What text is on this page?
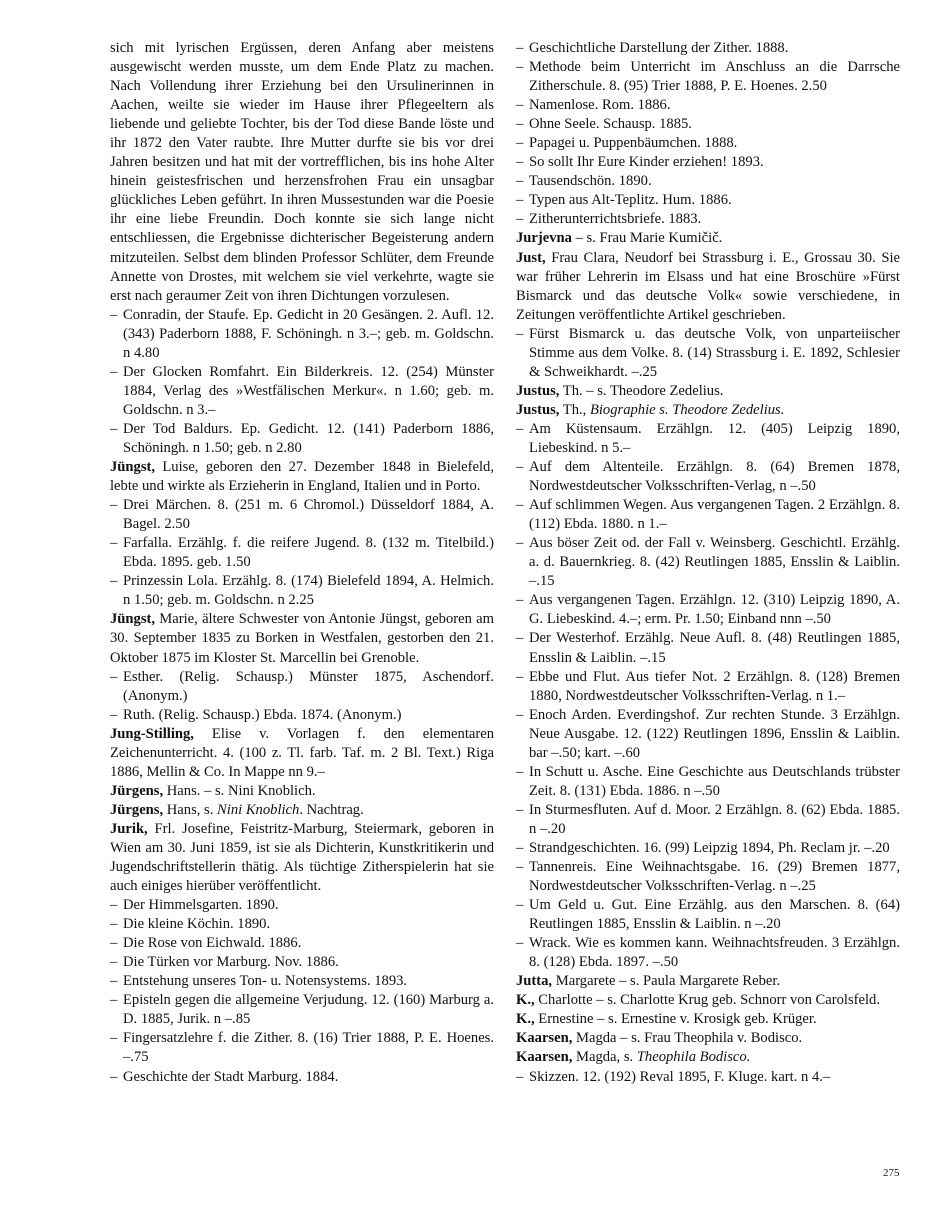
sich mit lyrischen Ergüssen, deren Anfang aber meistens ausgewischt werden musste, um dem Ende Platz zu machen. Nach Vollendung ihrer Erziehung bei den Ursulinerinnen in Aachen, weilte sie wieder im Hause ihrer Pflegeeltern als liebende und geliebte Tochter, bis der Tod diese Bande löste und ihr 1872 den Vater raubte. Ihre Mutter durfte sie bis vor drei Jahren besitzen und hat mit der vortrefflichen, bis ins hohe Alter hinein geistesfrischen und herzensfrohen Frau ein unsagbar glückliches Leben geführt. In ihren Mussestunden war die Poesie ihr eine liebe Freundin. Doch konnte sie sich lange nicht entschliessen, die Ergebnisse dichterischer Begeisterung andern mitzuteilen. Selbst dem blinden Professor Schlüter, dem Freunde Annette von Drostes, mit welchem sie viel verkehrte, wagte sie erst nach geraumer Zeit von ihren Dichtungen vorzulesen.
– Conradin, der Staufe. Ep. Gedicht in 20 Gesängen. 2. Aufl. 12. (343) Paderborn 1888, F. Schöningh. n 3.–; geb. m. Goldschn. n 4.80
– Der Glocken Romfahrt. Ein Bilderkreis. 12. (254) Münster 1884, Verlag des »Westfälischen Merkur«. n 1.60; geb. m. Goldschn. n 3.–
– Der Tod Baldurs. Ep. Gedicht. 12. (141) Paderborn 1886, Schöningh. n 1.50; geb. n 2.80
Jüngst, Luise, geboren den 27. Dezember 1848 in Bielefeld, lebte und wirkte als Erzieherin in England, Italien und in Porto.
– Drei Märchen. 8. (251 m. 6 Chromol.) Düsseldorf 1884, A. Bagel. 2.50
– Farfalla. Erzählg. f. die reifere Jugend. 8. (132 m. Titelbild.) Ebda. 1895. geb. 1.50
– Prinzessin Lola. Erzählg. 8. (174) Bielefeld 1894, A. Helmich. n 1.50; geb. m. Goldschn. n 2.25
Jüngst, Marie, ältere Schwester von Antonie Jüngst, geboren am 30. September 1835 zu Borken in Westfalen, gestorben den 21. Oktober 1875 im Kloster St. Marcellin bei Grenoble.
– Esther. (Relig. Schausp.) Münster 1875, Aschendorf. (Anonym.)
– Ruth. (Relig. Schausp.) Ebda. 1874. (Anonym.)
Jung-Stilling, Elise v. Vorlagen f. den elementaren Zeichenunterricht. 4. (100 z. Tl. farb. Taf. m. 2 Bl. Text.) Riga 1886, Mellin & Co. In Mappe nn 9.–
Jürgens, Hans. – s. Nini Knoblich.
Jürgens, Hans, s. Nini Knoblich. Nachtrag.
Jurik, Frl. Josefine, Feistritz-Marburg, Steiermark, geboren in Wien am 30. Juni 1859, ist sie als Dichterin, Kunstkritikerin und Jugendschriftstellerin thätig. Als tüchtige Zitherspielerin hat sie auch einiges hierüber veröffentlicht.
– Der Himmelsgarten. 1890.
– Die kleine Köchin. 1890.
– Die Rose von Eichwald. 1886.
– Die Türken vor Marburg. Nov. 1886.
– Entstehung unseres Ton- u. Notensystems. 1893.
– Episteln gegen die allgemeine Verjudung. 12. (160) Marburg a. D. 1885, Jurik. n –.85
– Fingersatzlehre f. die Zither. 8. (16) Trier 1888, P. E. Hoenes. –.75
– Geschichte der Stadt Marburg. 1884.
– Geschichtliche Darstellung der Zither. 1888.
– Methode beim Unterricht im Anschluss an die Darrsche Zitherschule. 8. (95) Trier 1888, P. E. Hoenes. 2.50
– Namenlose. Rom. 1886.
– Ohne Seele. Schausp. 1885.
– Papagei u. Puppenbäumchen. 1888.
– So sollt Ihr Eure Kinder erziehen! 1893.
– Tausendschön. 1890.
– Typen aus Alt-Teplitz. Hum. 1886.
– Zitherunterrichtsbriefe. 1883.
Jurjevna – s. Frau Marie Kumičič.
Just, Frau Clara, Neudorf bei Strassburg i. E., Grossau 30. Sie war früher Lehrerin im Elsass und hat eine Broschüre »Fürst Bismarck und das deutsche Volk« sowie verschiedene, in Zeitungen veröffentlichte Artikel geschrieben.
– Fürst Bismarck u. das deutsche Volk, von unparteiischer Stimme aus dem Volke. 8. (14) Strassburg i. E. 1892, Schlesier & Schweikhardt. –.25
Justus, Th. – s. Theodore Zedelius.
Justus, Th., Biographie s. Theodore Zedelius.
– Am Küstensaum. Erzählgn. 12. (405) Leipzig 1890, Liebeskind. n 5.–
– Auf dem Altenteile. Erzählgn. 8. (64) Bremen 1878, Nordwestdeutscher Volksschriften-Verlag, n –.50
– Auf schlimmen Wegen. Aus vergangenen Tagen. 2 Erzählgn. 8. (112) Ebda. 1880. n 1.–
– Aus böser Zeit od. der Fall v. Weinsberg. Geschichtl. Erzählg. a. d. Bauernkrieg. 8. (42) Reutlingen 1885, Ensslin & Laiblin. –.15
– Aus vergangenen Tagen. Erzählgn. 12. (310) Leipzig 1890, A. G. Liebeskind. 4.–; erm. Pr. 1.50; Einband nnn –.50
– Der Westerhof. Erzählg. Neue Aufl. 8. (48) Reutlingen 1885, Ensslin & Laiblin. –.15
– Ebbe und Flut. Aus tiefer Not. 2 Erzählgn. 8. (128) Bremen 1880, Nordwestdeutscher Volksschriften-Verlag. n 1.–
– Enoch Arden. Everdingshof. Zur rechten Stunde. 3 Erzählgn. Neue Ausgabe. 12. (122) Reutlingen 1896, Ensslin & Laiblin. bar –.50; kart. –.60
– In Schutt u. Asche. Eine Geschichte aus Deutschlands trübster Zeit. 8. (131) Ebda. 1886. n –.50
– In Sturmesfluten. Auf d. Moor. 2 Erzählgn. 8. (62) Ebda. 1885. n –.20
– Strandgeschichten. 16. (99) Leipzig 1894, Ph. Reclam jr. –.20
– Tannenreis. Eine Weihnachtsgabe. 16. (29) Bremen 1877, Nordwestdeutscher Volksschriften-Verlag. n –.25
– Um Geld u. Gut. Eine Erzählg. aus den Marschen. 8. (64) Reutlingen 1885, Ensslin & Laiblin. n –.20
– Wrack. Wie es kommen kann. Weihnachtsfreuden. 3 Erzählgn. 8. (128) Ebda. 1897. –.50
Jutta, Margarete – s. Paula Margarete Reber.
K., Charlotte – s. Charlotte Krug geb. Schnorr von Carolsfeld.
K., Ernestine – s. Ernestine v. Krosigk geb. Krüger.
Kaarsen, Magda – s. Frau Theophila v. Bodisco.
Kaarsen, Magda, s. Theophila Bodisco.
– Skizzen. 12. (192) Reval 1895, F. Kluge. kart. n 4.–
275
